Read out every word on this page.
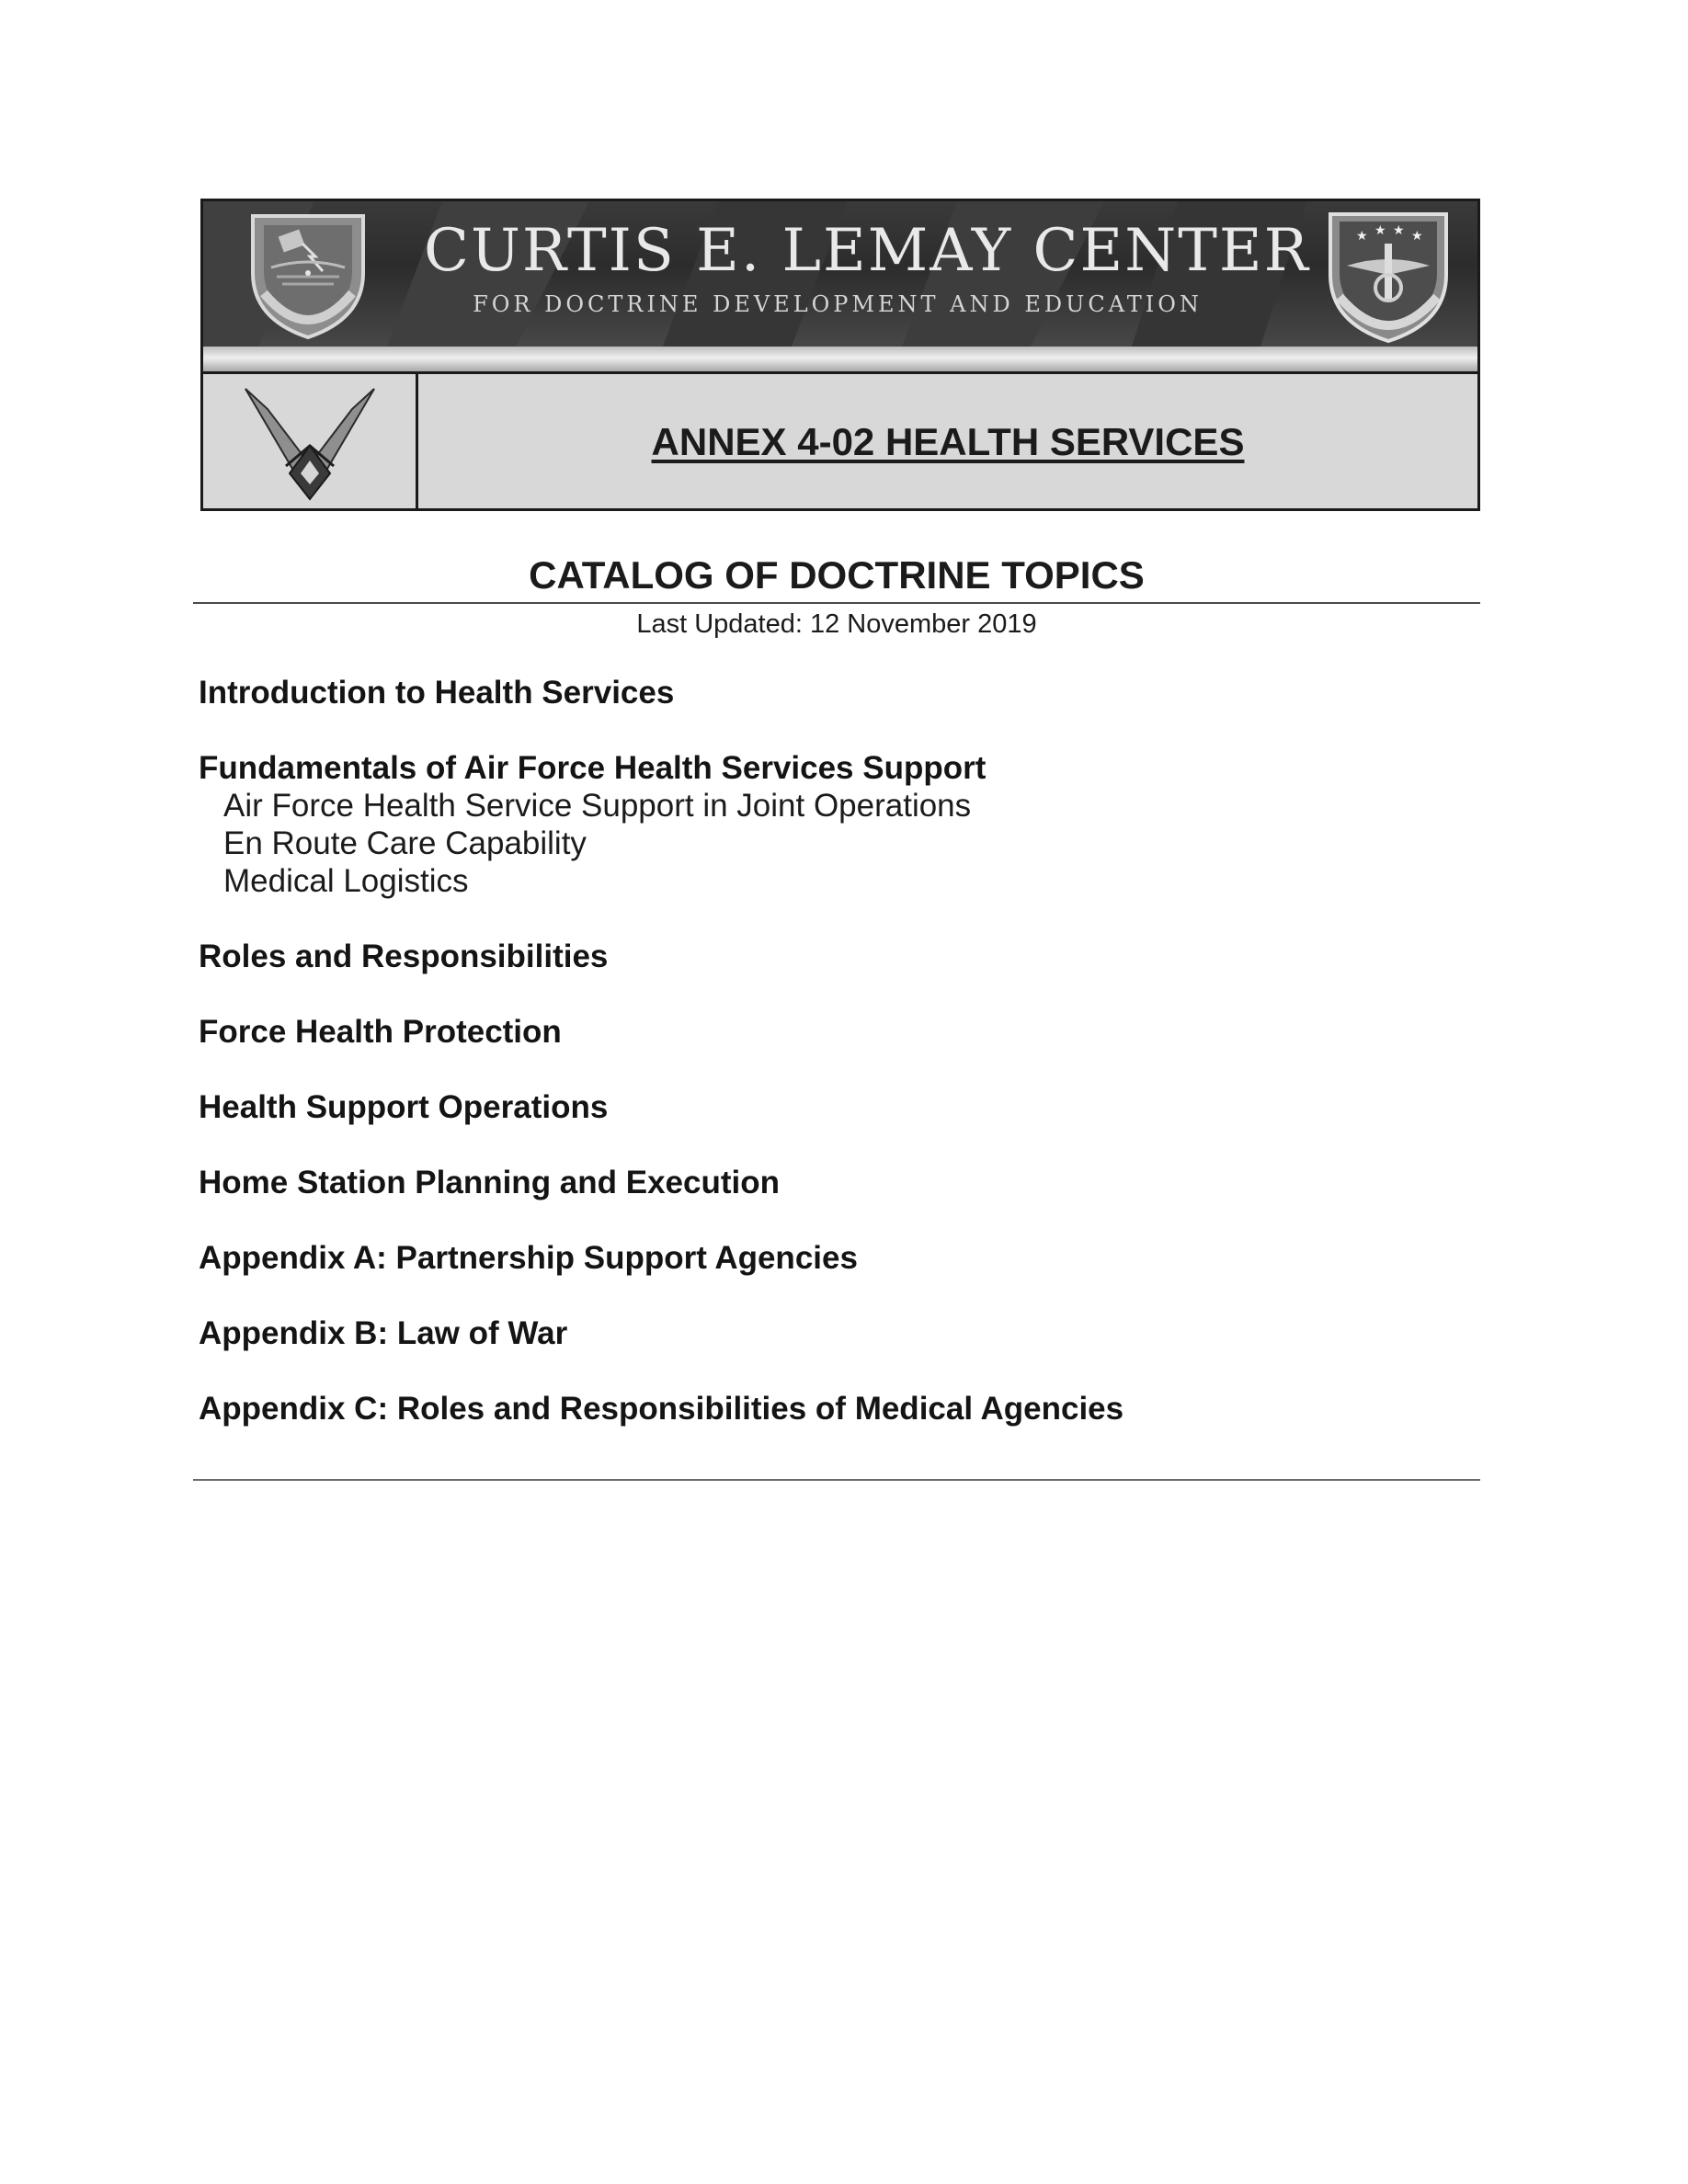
CURTIS E. LEMAY CENTER
FOR DOCTRINE DEVELOPMENT AND EDUCATION
★ ★ ★ ★
ANNEX 4-02 HEALTH SERVICES
CATALOG OF DOCTRINE TOPICS
Last Updated: 12 November 2019
Introduction to Health Services
Fundamentals of Air Force Health Services Support
Air Force Health Service Support in Joint Operations
En Route Care Capability
Medical Logistics
Roles and Responsibilities
Force Health Protection
Health Support Operations
Home Station Planning and Execution
Appendix A: Partnership Support Agencies
Appendix B: Law of War
Appendix C: Roles and Responsibilities of Medical Agencies
